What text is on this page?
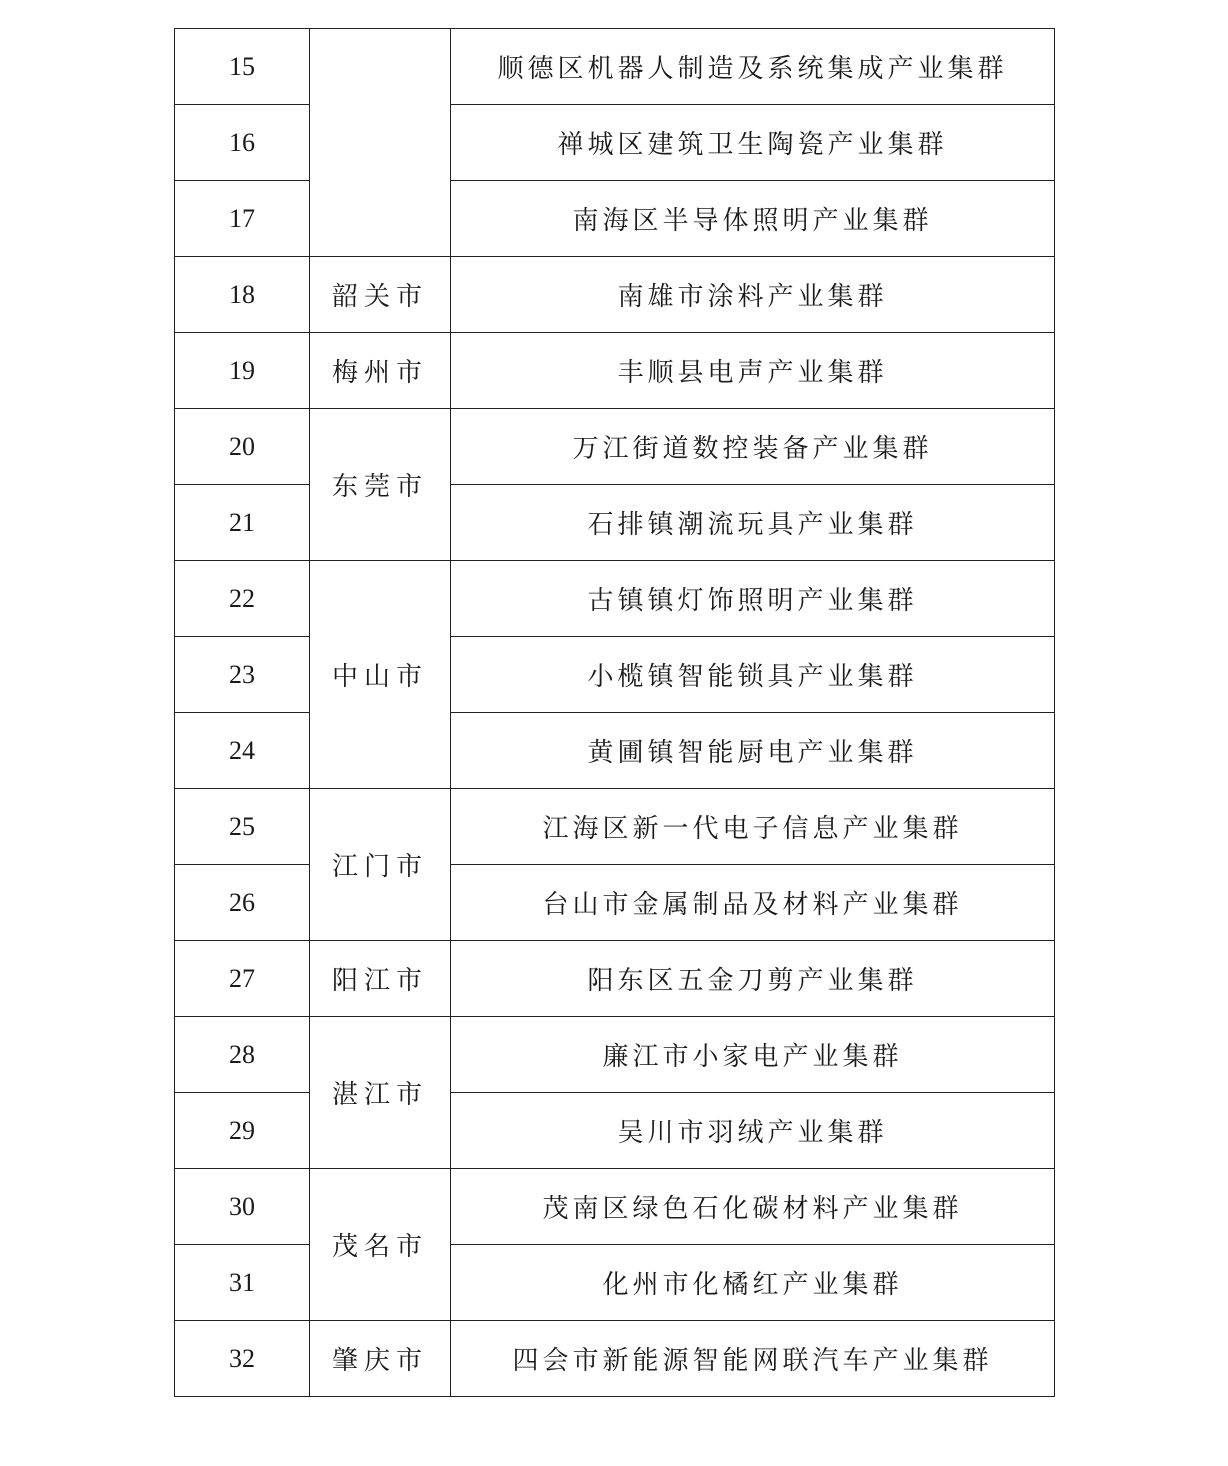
15		顺德区机器人制造及系统集成产业集群
16		禅城区建筑卫生陶瓷产业集群
17		南海区半导体照明产业集群
18	韶关市	南雄市涂料产业集群
19	梅州市	丰顺县电声产业集群
20	东莞市	万江街道数控装备产业集群
21		石排镇潮流玩具产业集群
22	中山市	古镇镇灯饰照明产业集群
23		小榄镇智能锁具产业集群
24		黄圃镇智能厨电产业集群
25	江门市	江海区新一代电子信息产业集群
26		台山市金属制品及材料产业集群
27	阳江市	阳东区五金刀剪产业集群
28	湛江市	廉江市小家电产业集群
29		吴川市羽绒产业集群
30	茂名市	茂南区绿色石化碳材料产业集群
31		化州市化橘红产业集群
32	肇庆市	四会市新能源智能网联汽车产业集群
